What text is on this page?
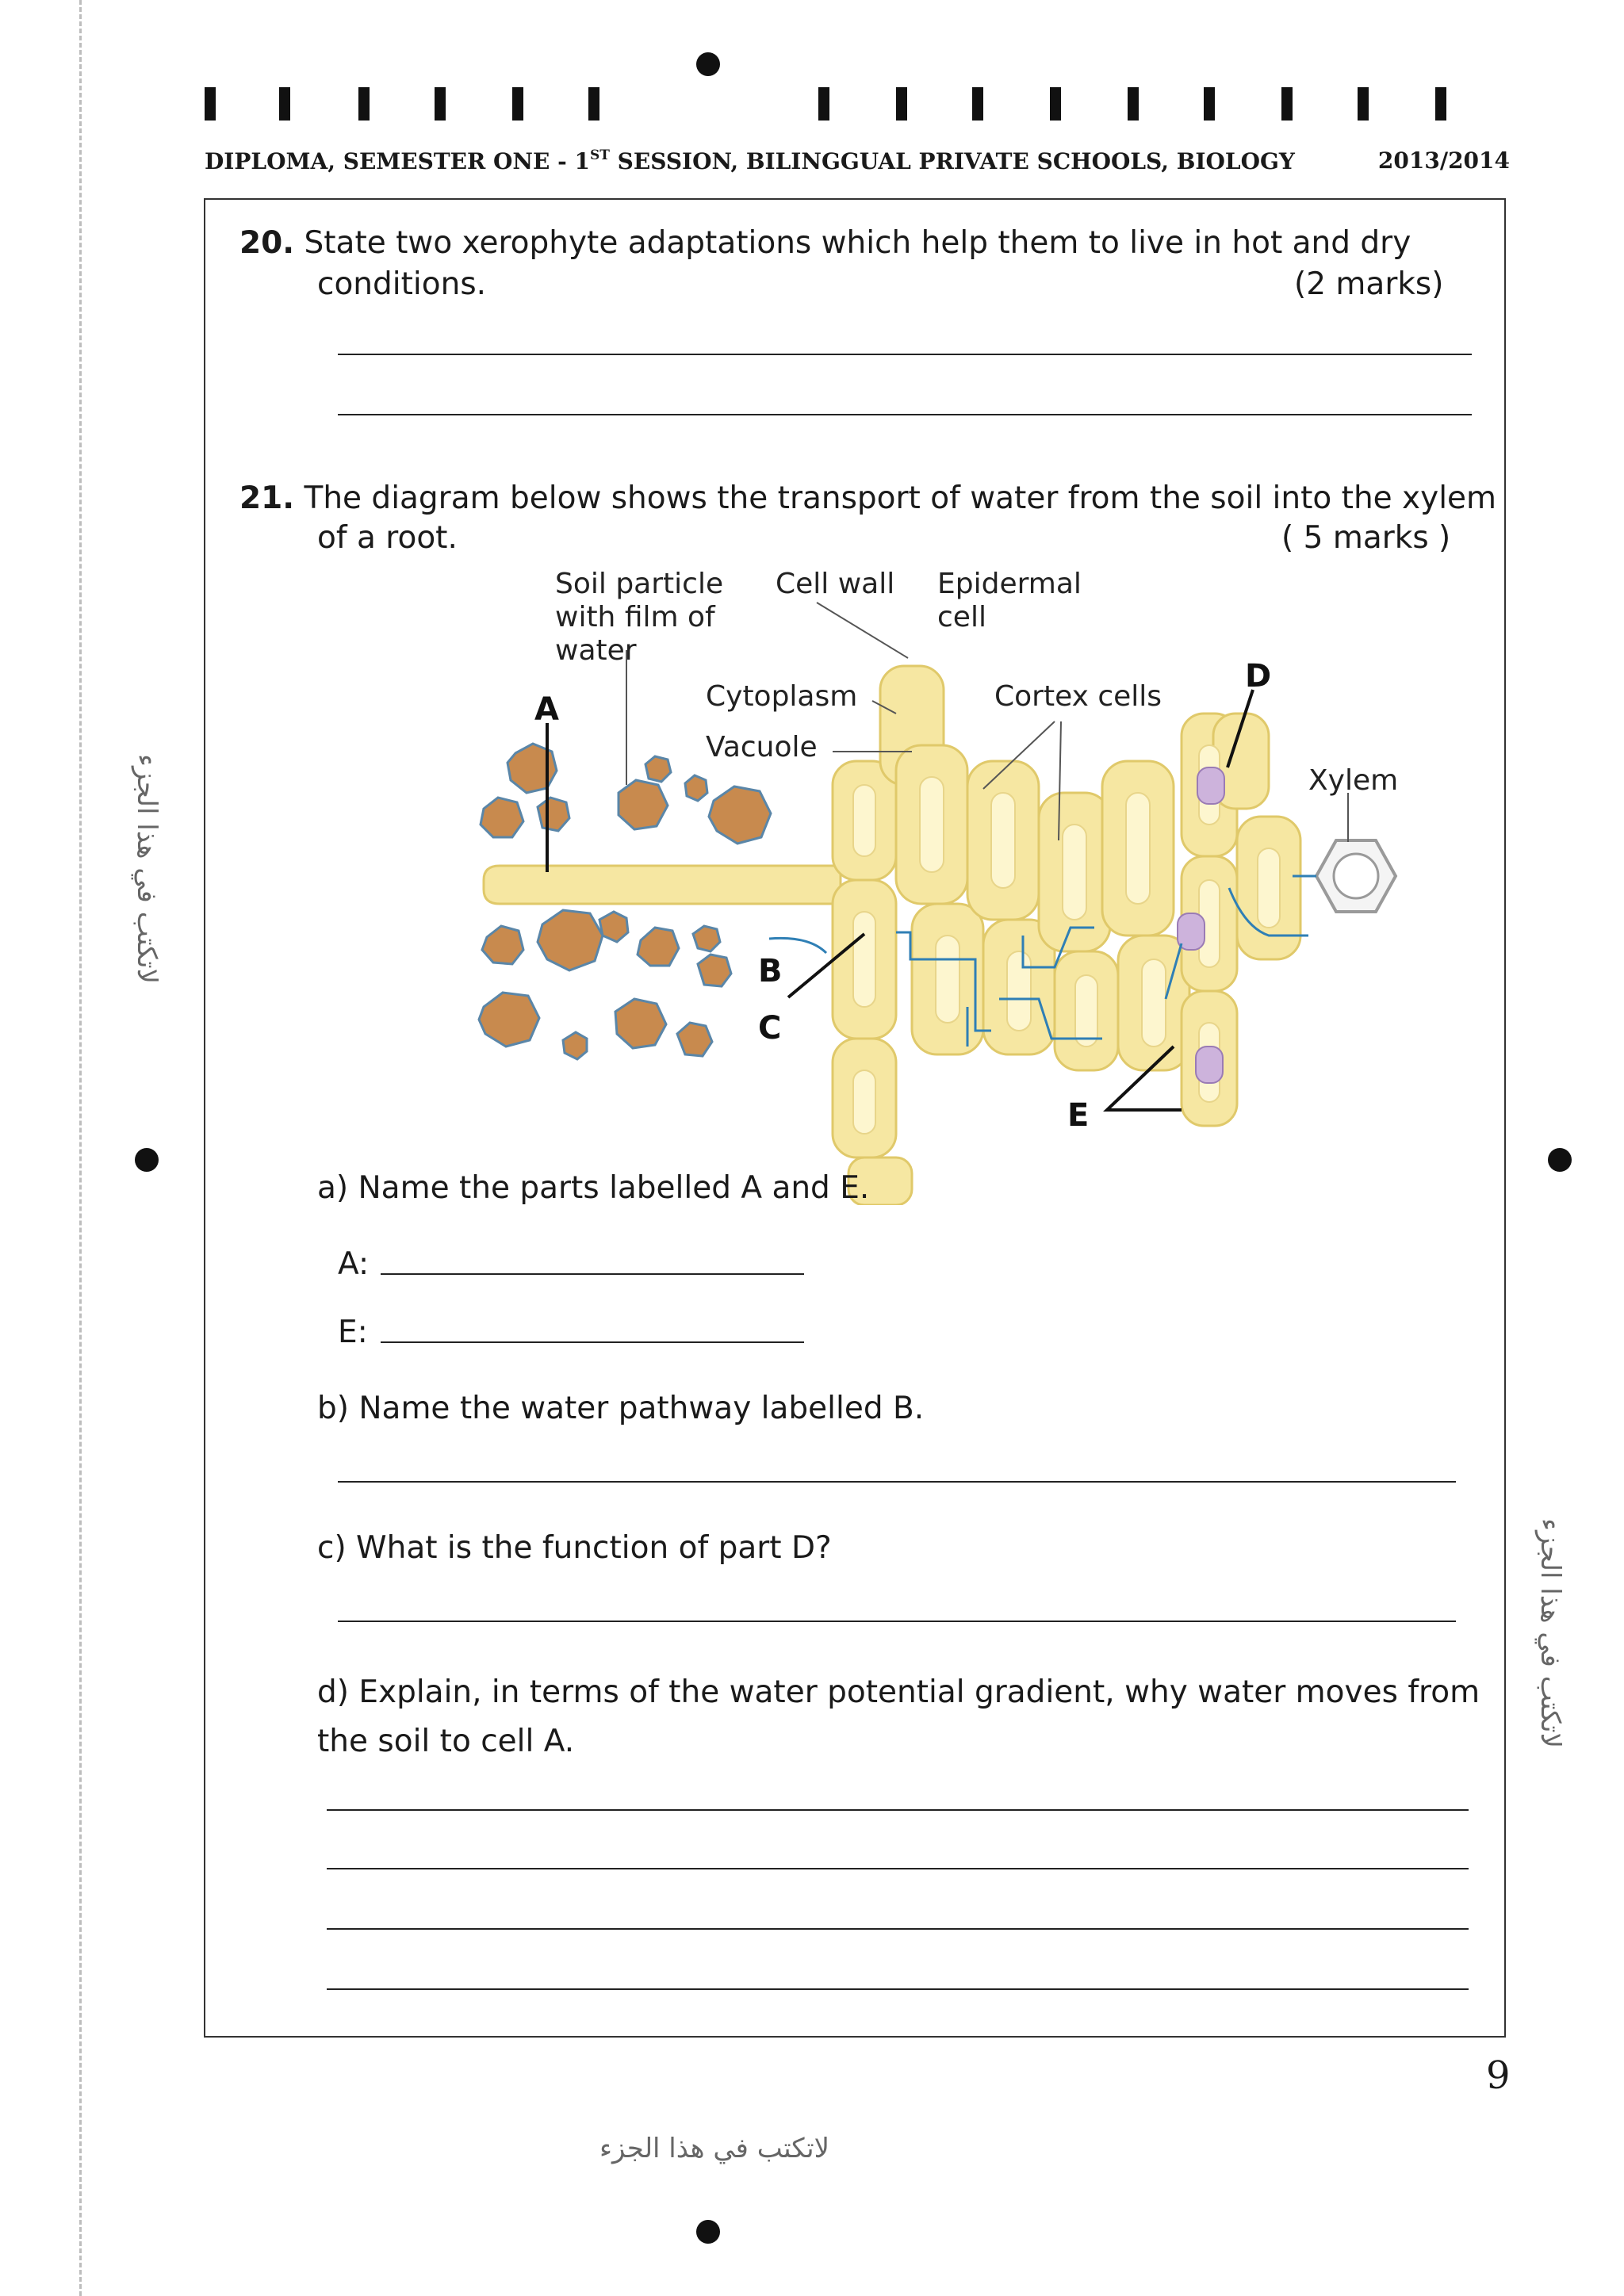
DIPLOMA, SEMESTER ONE - 1ST SESSION, BILINGGUAL PRIVATE SCHOOLS, BIOLOGY	2013/2014
20. State two xerophyte adaptations which help them to live in hot and dry
conditions.	(2 marks)
21. The diagram below shows the transport of water from the soil into the xylem
of a root.	( 5 marks )
Soil particle
with film of
water
Cell wall Epidermal
cell
Cytoplasm
Vacuole
Cortex cells
Xylem
A
B
C
D
E
a) Name the parts labelled A and E.
A:
E:
b) Name the water pathway labelled B.
c) What is the function of part D?
d) Explain, in terms of the water potential gradient, why water moves from
the soil to cell A.
لاتكتب في هذا الجزء
لاتكتب في هذا الجزء
لاتكتب في هذا الجزء
9
